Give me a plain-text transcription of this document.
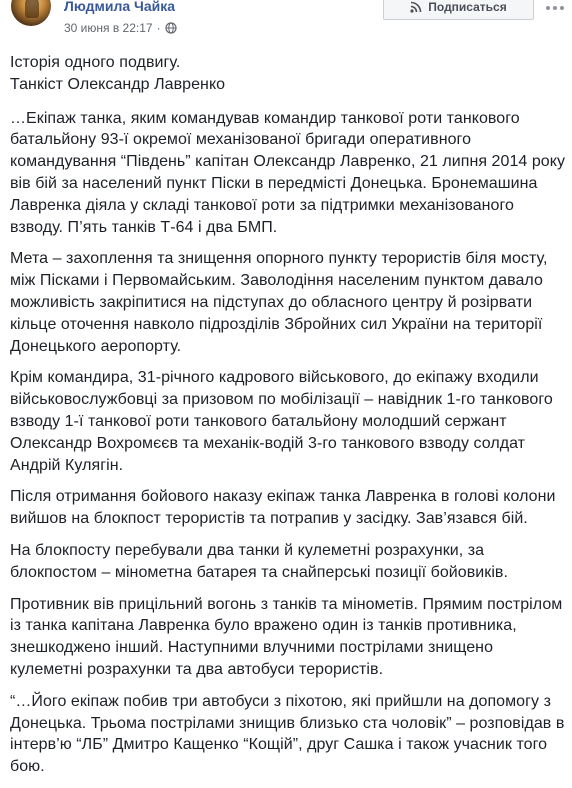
Людмила Чайка
30 июня в 22:17 ·
Подписаться

Історія одного подвигу.
Танкіст Олександр Лавренко

…Екіпаж танка, яким командував командир танкової роти танкового батальйону 93-ї окремої механізованої бригади оперативного командування “Південь” капітан Олександр Лавренко, 21 липня 2014 року вів бій за населений пункт Піски в передмісті Донецька. Бронемашина Лавренка діяла у складі танкової роти за підтримки механізованого взводу. П’ять танків Т-64 і два БМП.

Мета – захоплення та знищення опорного пункту терористів біля мосту, між Пісками і Первомайським. Заволодіння населеним пунктом давало можливість закріпитися на підступах до обласного центру й розірвати кільце оточення навколо підрозділів Збройних сил України на території Донецького аеропорту.

Крім командира, 31-річного кадрового військового, до екіпажу входили військовослужбовці за призовом по мобілізації – навідник 1-го танкового взводу 1-ї танкової роти танкового батальйону молодший сержант Олександр Вохромєєв та механік-водій 3-го танкового взводу солдат Андрій Кулягін.

Після отримання бойового наказу екіпаж танка Лавренка в голові колони вийшов на блокпост терористів та потрапив у засідку. Зав’язався бій.

На блокпосту перебували два танки й кулеметні розрахунки, за блокпостом – мінометна батарея та снайперські позиції бойовиків.

Противник вів прицільний вогонь з танків та мінометів. Прямим пострілом із танка капітана Лавренка було вражено один із танків противника, знешкоджено інший. Наступними влучними пострілами знищено кулеметні розрахунки та два автобуси терористів.

“…Його екіпаж побив три автобуси з піхотою, які прийшли на допомогу з Донецька. Трьома пострілами знищив близько ста чоловік” – розповідав в інтерв’ю “ЛБ” Дмитро Кащенко “Кощій”, друг Сашка і також учасник того бою.
